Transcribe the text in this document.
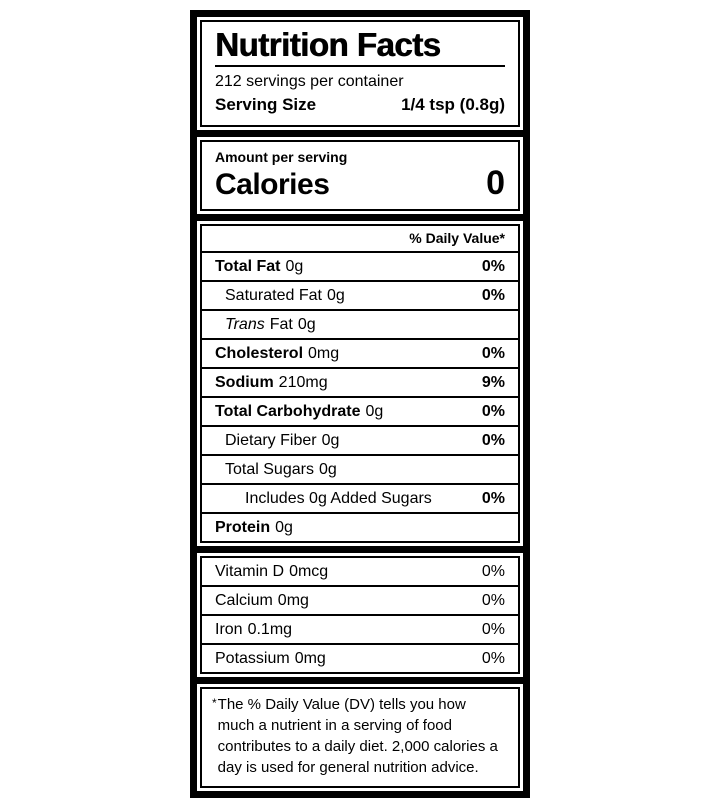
Nutrition Facts
212 servings per container
Serving Size	1/4 tsp (0.8g)
Amount per serving
Calories	0
% Daily Value*
Total Fat 0g	0%
Saturated Fat 0g	0%
Trans Fat 0g
Cholesterol 0mg	0%
Sodium 210mg	9%
Total Carbohydrate 0g	0%
Dietary Fiber 0g	0%
Total Sugars 0g
Includes 0g Added Sugars	0%
Protein 0g
Vitamin D 0mcg	0%
Calcium 0mg	0%
Iron 0.1mg	0%
Potassium 0mg	0%
* The % Daily Value (DV) tells you how much a nutrient in a serving of food contributes to a daily diet. 2,000 calories a day is used for general nutrition advice.
